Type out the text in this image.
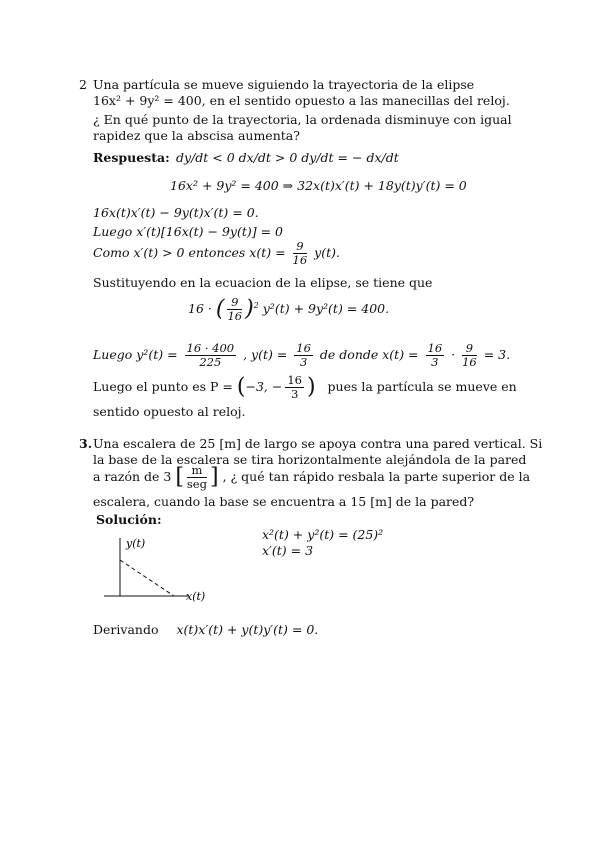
2 Una partícula se mueve siguiendo la trayectoria de la elipse
16x² + 9y² = 400, en el sentido opuesto a las manecillas del reloj.
¿ En qué punto de la trayectoria, la ordenada disminuye con igual
rapidez que la abscisa aumenta?
Respuesta: dy/dt < 0 dx/dt > 0 dy/dt = − dx/dt
16x² + 9y² = 400 ⇒ 32x(t)x′(t) + 18y(t)y′(t) = 0
16x(t)x′(t) − 9y(t)x′(t) = 0.
Luego x′(t)[16x(t) − 9y(t)] = 0
Como x′(t) > 0 entonces $x(t) = \frac{9}{16} y(t)$.
Sustituyendo en la ecuacion de la elipse, se tiene que
16 · ( $\frac{9}{16} )^2$ y²(t) + 9y²(t) = 400.
Luego $y^2(t) = \frac{16 \cdot 400}{225}$ , $y(t) = \frac{16}{3}$ de donde $x(t) = \frac{16}{3} \cdot \frac{9}{16} = 3$.
Luego el punto es P = (−3, − $\frac{16}{3}$ ) pues la partícula se mueve en
sentido opuesto al reloj.
3. Una escalera de 25 [m] de largo se apoya contra una pared vertical. Si
la base de la escalera se tira horizontalmente alejándola de la pared
a razón de 3 [ $\frac{m}{\text{seg}}$ ] , ¿ qué tan rápido resbala la parte superior de la
escalera, cuando la base se encuentra a 15 [m] de la pared?
Solución:
x²(t) + y²(t) = (25)²
x′(t) = 3
y(t)
x(t)
Derivando x(t)x′(t) + y(t)y′(t) = 0.
